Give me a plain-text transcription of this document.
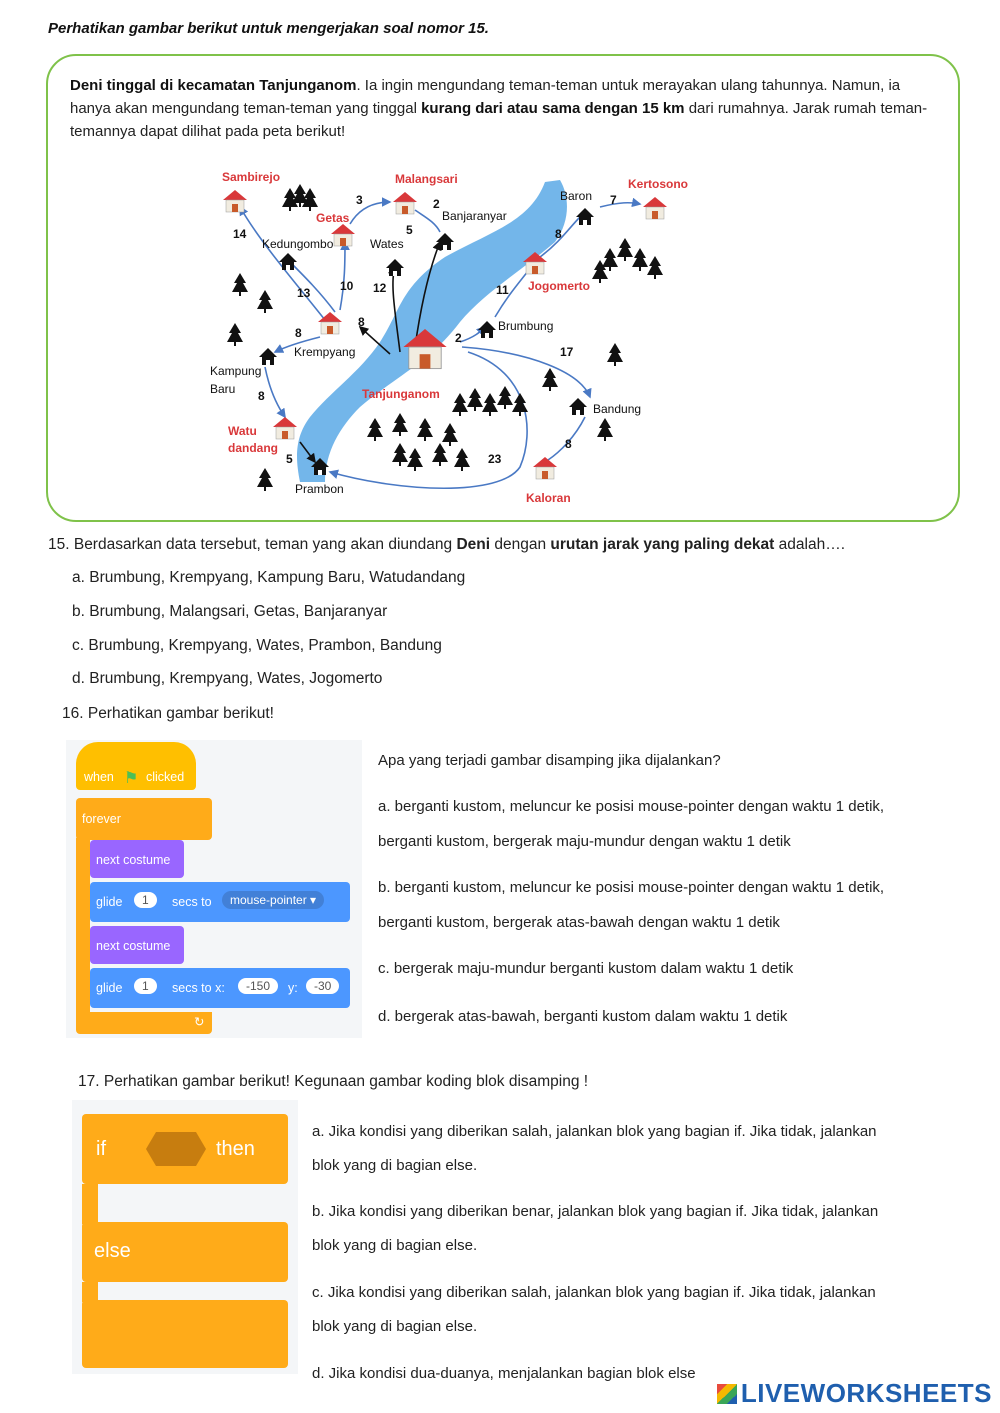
Perhatikan gambar berikut untuk mengerjakan soal nomor 15.
Deni tinggal di kecamatan Tanjunganom. Ia ingin mengundang teman-teman untuk merayakan ulang tahunnya. Namun, ia hanya akan mengundang teman-teman yang tinggal kurang dari atau sama dengan 15 km dari rumahnya. Jarak rumah teman-temannya dapat dilihat pada peta berikut!
Sambirejo	Malangsari	Kertosono
Baron
Getas	Banjaranyar
Kedungombo	Wates
Jogomerto
Brumbung
Krempyang
Kampung
Baru	Tanjunganom
Bandung
Watu
dandang
Prambon
Kaloran
14
3	2
5
7
8
13 10 12	11
8
8
2
17
8
8
5	23
15. Berdasarkan data tersebut, teman yang akan diundang Deni dengan urutan jarak yang paling dekat adalah….
a. Brumbung, Krempyang, Kampung Baru, Watudandang
b. Brumbung, Malangsari, Getas, Banjaranyar
c. Brumbung, Krempyang, Wates, Prambon, Bandung
d. Brumbung, Krempyang, Wates, Jogomerto
16. Perhatikan gambar berikut!
when ⚑ clicked
forever
↻
next costume
glide	1	secs to	mouse-pointer ▾
next costume
glide	1	secs to x:	-150	y:	-30
Apa yang terjadi gambar disamping jika dijalankan?
a. berganti kustom, meluncur ke posisi mouse-pointer dengan waktu 1 detik,
berganti kustom, bergerak maju-mundur dengan waktu 1 detik
b. berganti kustom, meluncur ke posisi mouse-pointer dengan waktu 1 detik,
berganti kustom, bergerak atas-bawah dengan waktu 1 detik
c. bergerak maju-mundur berganti kustom dalam waktu 1 detik
d. bergerak atas-bawah, berganti kustom dalam waktu 1 detik
17. Perhatikan gambar berikut! Kegunaan gambar koding blok disamping !
if	then
else
a. Jika kondisi yang diberikan salah, jalankan blok yang bagian if. Jika tidak, jalankan
blok yang di bagian else.
b. Jika kondisi yang diberikan benar, jalankan blok yang bagian if. Jika tidak, jalankan
blok yang di bagian else.
c. Jika kondisi yang diberikan salah, jalankan blok yang bagian if. Jika tidak, jalankan
blok yang di bagian else.
d. Jika kondisi dua-duanya, menjalankan bagian blok else
LIVEWORKSHEETS
